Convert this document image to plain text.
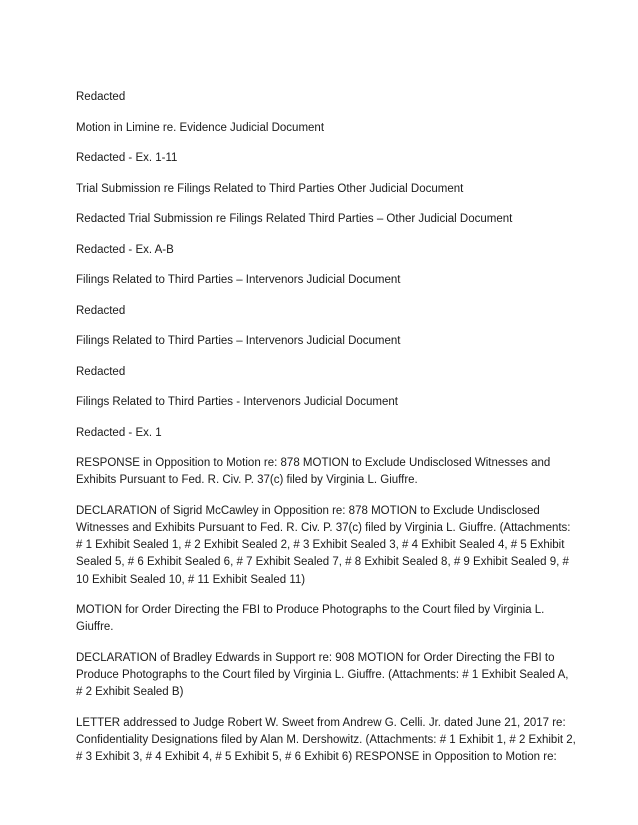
Redacted

Motion in Limine re. Evidence Judicial Document

Redacted - Ex. 1-11

Trial Submission re Filings Related to Third Parties Other Judicial Document

Redacted Trial Submission re Filings Related Third Parties – Other Judicial Document

Redacted - Ex. A-B

Filings Related to Third Parties – Intervenors Judicial Document

Redacted

Filings Related to Third Parties – Intervenors Judicial Document

Redacted

Filings Related to Third Parties - Intervenors Judicial Document

Redacted - Ex. 1

RESPONSE in Opposition to Motion re: 878 MOTION to Exclude Undisclosed Witnesses and Exhibits Pursuant to Fed. R. Civ. P. 37(c) filed by Virginia L. Giuffre.

DECLARATION of Sigrid McCawley in Opposition re: 878 MOTION to Exclude Undisclosed Witnesses and Exhibits Pursuant to Fed. R. Civ. P. 37(c) filed by Virginia L. Giuffre. (Attachments: # 1 Exhibit Sealed 1, # 2 Exhibit Sealed 2, # 3 Exhibit Sealed 3, # 4 Exhibit Sealed 4, # 5 Exhibit Sealed 5, # 6 Exhibit Sealed 6, # 7 Exhibit Sealed 7, # 8 Exhibit Sealed 8, # 9 Exhibit Sealed 9, # 10 Exhibit Sealed 10, # 11 Exhibit Sealed 11)

MOTION for Order Directing the FBI to Produce Photographs to the Court filed by Virginia L. Giuffre.

DECLARATION of Bradley Edwards in Support re: 908 MOTION for Order Directing the FBI to Produce Photographs to the Court filed by Virginia L. Giuffre. (Attachments: # 1 Exhibit Sealed A, # 2 Exhibit Sealed B)

LETTER addressed to Judge Robert W. Sweet from Andrew G. Celli. Jr. dated June 21, 2017 re: Confidentiality Designations filed by Alan M. Dershowitz. (Attachments: # 1 Exhibit 1, # 2 Exhibit 2, # 3 Exhibit 3, # 4 Exhibit 4, # 5 Exhibit 5, # 6 Exhibit 6) RESPONSE in Opposition to Motion re:
